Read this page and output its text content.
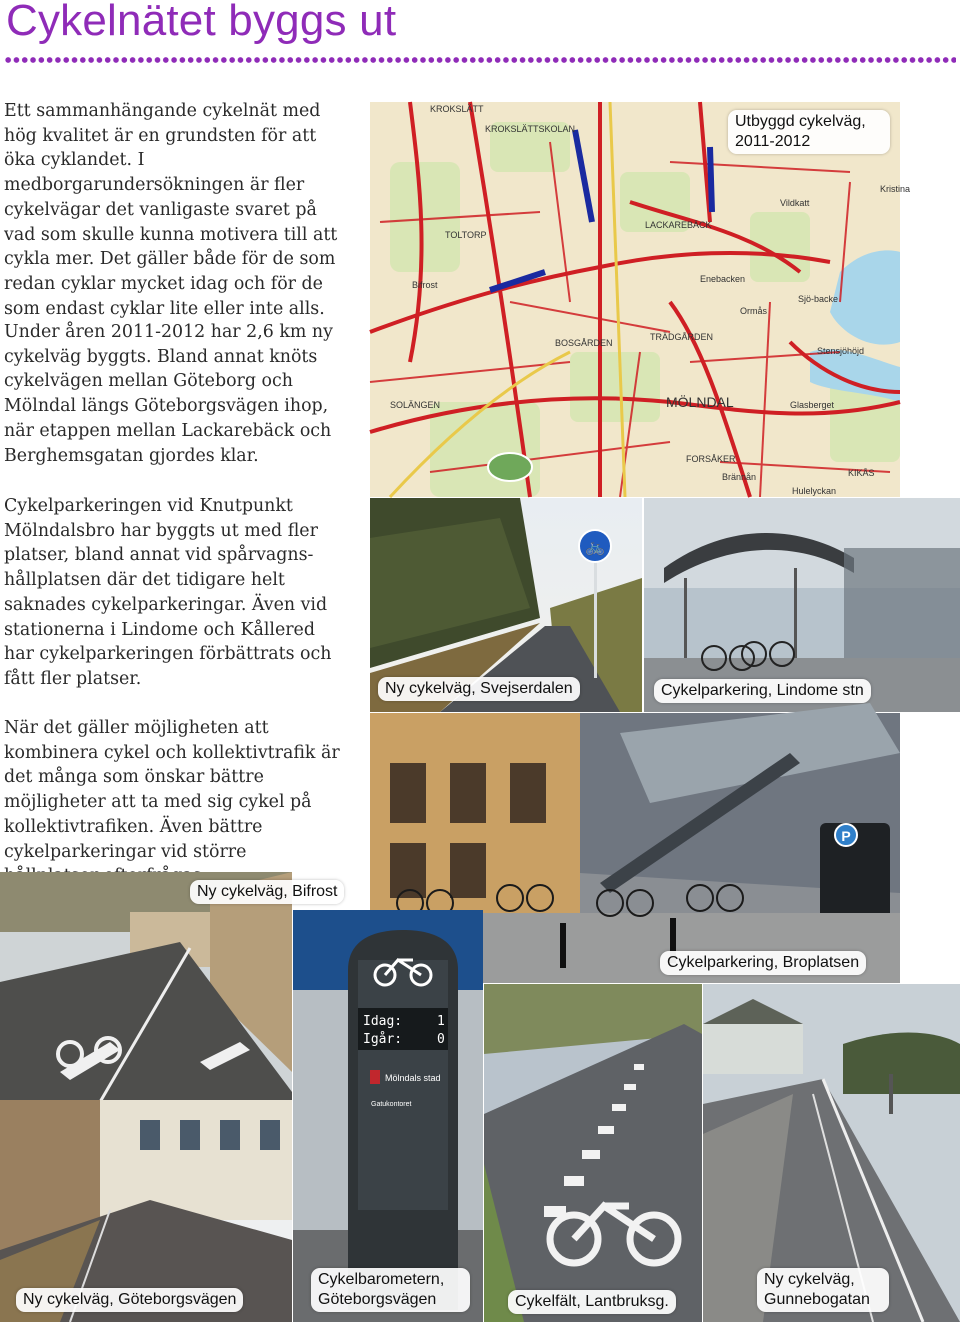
Cykelnätet byggs ut

Ett sammanhängande cykelnät med hög kvalitet är en grundsten för att öka cyklandet. I medborgarundersökningen är fler cykelvägar det vanligaste svaret på vad som skulle kunna motivera till att cykla mer. Det gäller både för de som redan cyklar mycket idag och för de som endast cyklar lite eller inte alls.

Under åren 2011-2012 har 2,6 km ny cykelväg byggts. Bland annat knöts cykelvägen mellan Göteborg och Mölndal längs Göteborgsvägen ihop, när etappen mellan Lackarebäck och Berghemsgatan gjordes klar.

Cykelparkeringen vid Knutpunkt Mölndalsbro har byggts ut med fler platser, bland annat vid spårvagns-hållplatsen där det tidigare helt saknades cykelparkeringar. Även vid stationerna i Lindome och Kållered har cykelparkeringen förbättrats och fått fler platser.

När det gäller möjligheten att kombinera cykel och kollektivtrafik är det många som önskar bättre möjligheter att ta med sig cykel på kollektivtrafiken. Även bättre cykelparkeringar vid större

KROKSLÄTT
KROKSLÄTTSKOLAN
TOLTORP
Bifrost
LACKAREBÄCK
Ormås
Sjö-backe
BOSGÅRDEN
TRÄDGÅRDEN
MÖLNDAL
SOLÄNGEN
FORSÅKER
Brännån
Glasberget
Stensjöhöjd
KIKÅS
Hulelyckan
Kristina
Vildkatt
Enebacken
Utbyggd cykelväg, 2011-2012
🚲
Ny cykelväg, Svejserdalen	Cykelparkering, Lindome stn
P
Cykelparkering, Broplatsen
Ny cykelväg, Bifrost
Ny cykelväg, Göteborgsvägen
Idag:	1
Igår:	0
Mölndals stad
Gatukontoret
Cykelbarometern, Göteborgsvägen	Cykelfält, Lantbruksg.
Ny cykelväg, Gunnebogatan
